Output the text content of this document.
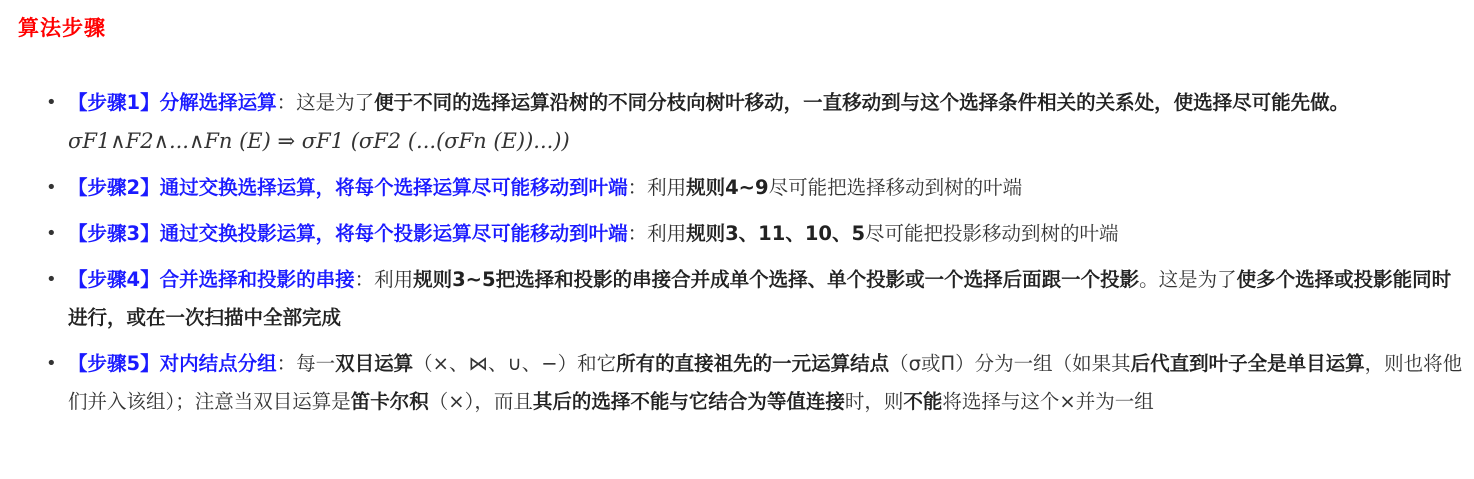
算法步骤
• 【步骤1】分解选择运算：这是为了便于不同的选择运算沿树的不同分枝向树叶移动，一直移动到与这个选择条件相关的关系处，使选择尽可能先做。 σF1∧F2∧...∧Fn (E) ⇒ σF1 (σF2 (...(σFn (E))...))
• 【步骤2】通过交换选择运算，将每个选择运算尽可能移动到叶端：利用规则4~9尽可能把选择移动到树的叶端
• 【步骤3】通过交换投影运算，将每个投影运算尽可能移动到叶端：利用规则3、11、10、5尽可能把投影移动到树的叶端
• 【步骤4】合并选择和投影的串接：利用规则3~5把选择和投影的串接合并成单个选择、单个投影或一个选择后面跟一个投影。这是为了使多个选择或投影能同时进行，或在一次扫描中全部完成
• 【步骤5】对内结点分组：每一双目运算（×、⋈、∪、−）和它所有的直接祖先的一元运算结点（σ或Π）分为一组（如果其后代直到叶子全是单目运算，则也将他们并入该组）；注意当双目运算是笛卡尔积（×），而且其后的选择不能与它结合为等值连接时，则不能将选择与这个×并为一组
